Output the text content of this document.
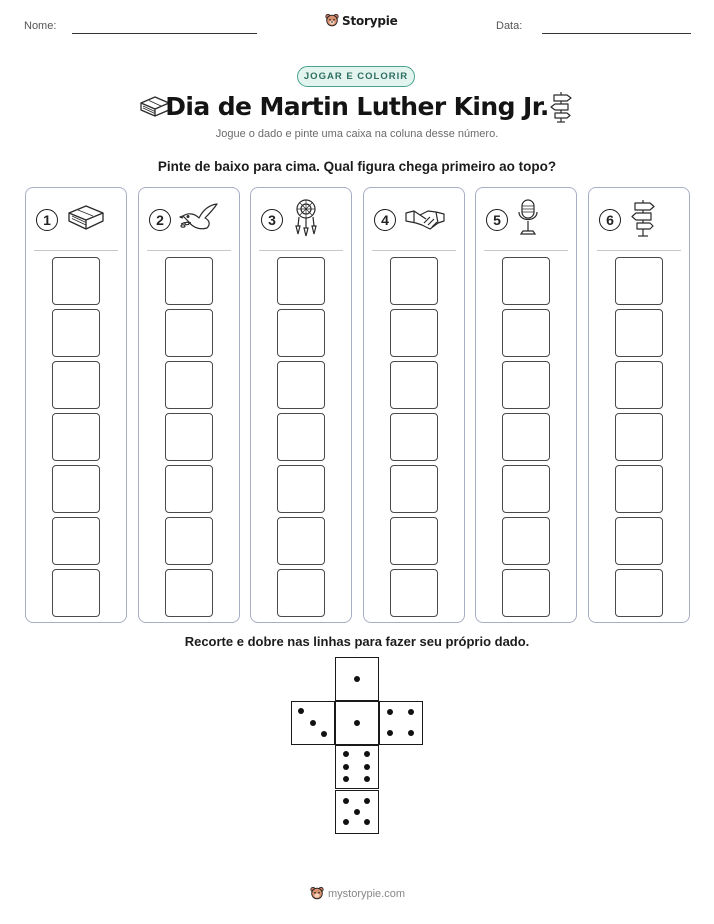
Nome:	Storypie	Data:
JOGAR E COLORIR
Dia de Martin Luther King Jr.
Jogue o dado e pinte uma caixa na coluna desse número.
Pinte de baixo para cima. Qual figura chega primeiro ao topo?
1	2	3	4	5	6
Recorte e dobre nas linhas para fazer seu próprio dado.
mystorypie.com
